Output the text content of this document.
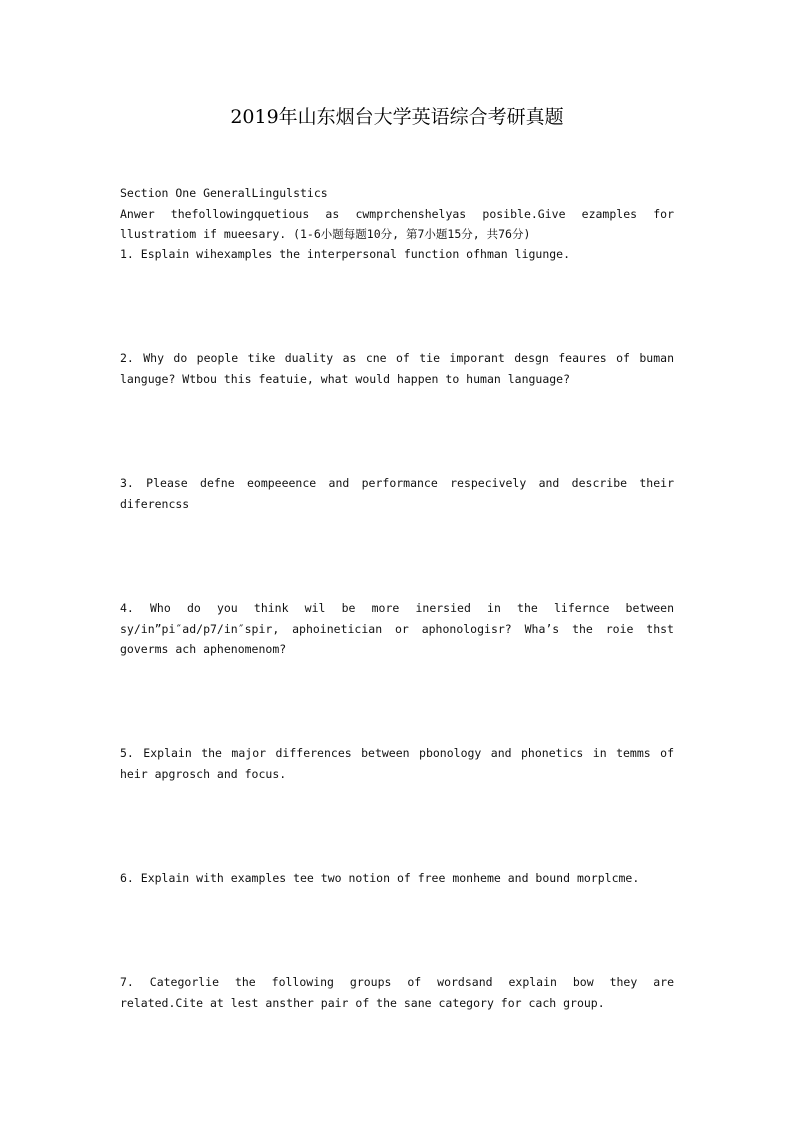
2019年山东烟台大学英语综合考研真题
Section One GeneralLingulstics
Anwer thefollowingquetious as cwmprchenshelyas posible.Give ezamples for
llustratiom if mueesary. (1-6小题每题10分, 第7小题15分, 共76分)
1. Esplain wihexamples the interpersonal function ofhman ligunge.
2. Why do people tike duality as cne of tie imporant desgn feaures of buman
languge? Wtbou this featuie, what would happen to human language?
3. Please defne eompeeence and performance respecively and describe their
diferencss
4. Who do you think wil be more inersied in the lifernce between
sy/in”pi″ad/p7/in″spir, aphoinetician or aphonologisr? Wha’s the roie thst
goverms ach aphenomenom?
5. Explain the major differences between pbonology and phonetics in temms of
heir apgrosch and focus.
6. Explain with examples tee two notion of free monheme and bound morplcme.
7. Categorlie the following groups of wordsand explain bow they are
related.Cite at lest ansther pair of the sane category for cach group.
